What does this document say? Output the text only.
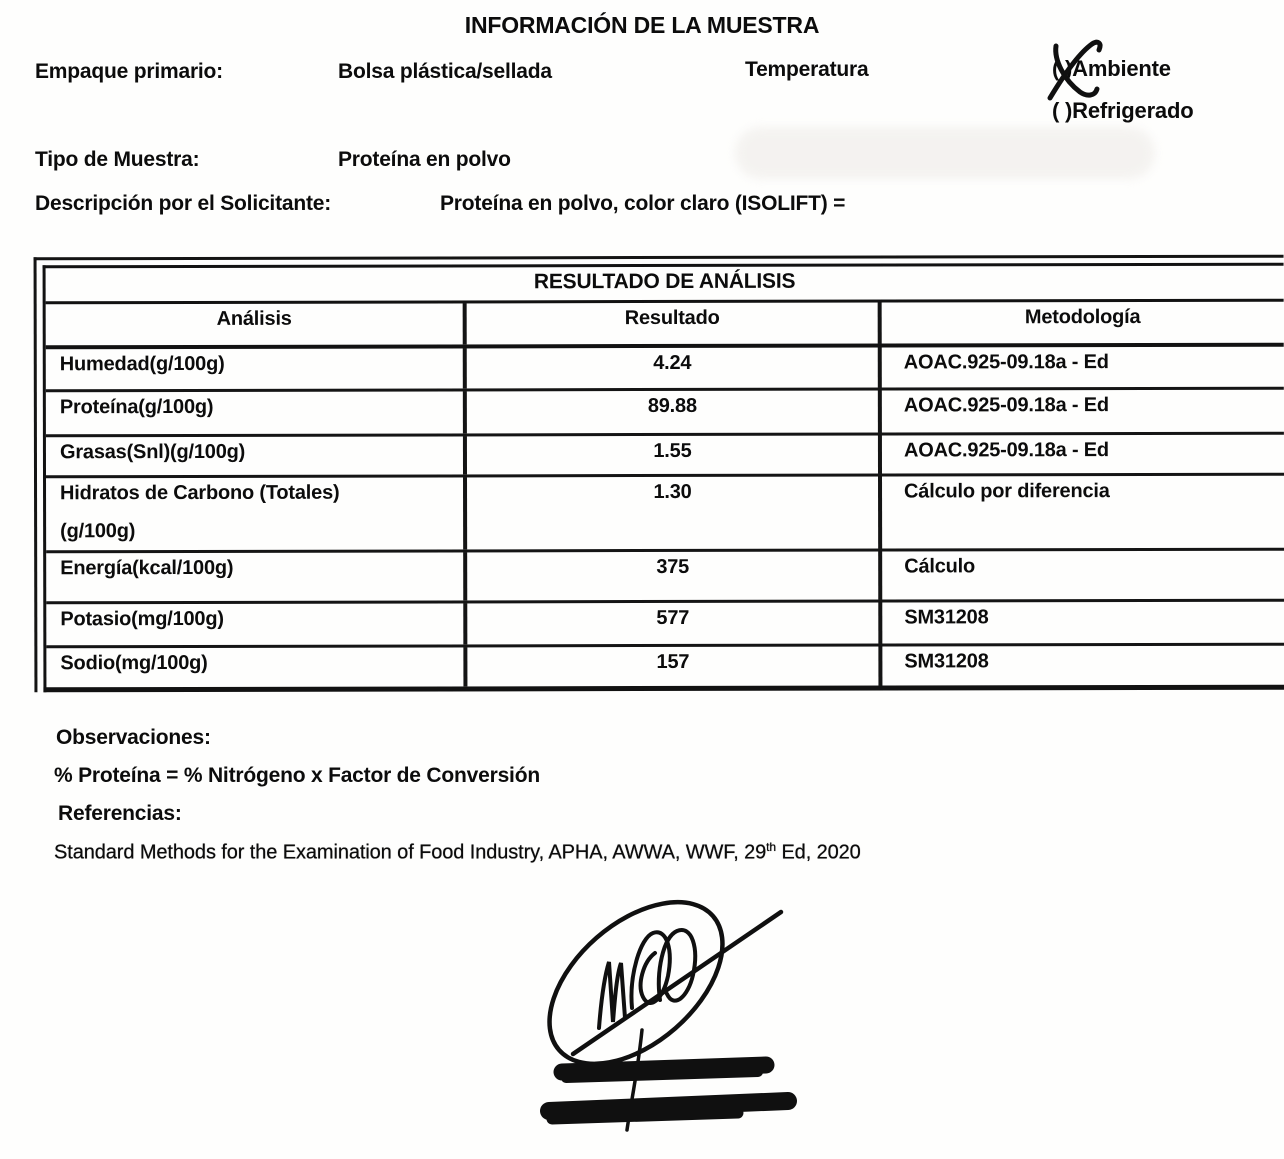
INFORMACIÓN DE LA MUESTRA
Empaque primario:	Bolsa plástica/sellada	Temperatura	( )Ambiente
( )Refrigerado
Tipo de Muestra:	Proteína en polvo
Descripción por el Solicitante:	Proteína en polvo, color claro (ISOLIFT) =
RESULTADO DE ANÁLISIS
Análisis	Resultado	Metodología
Humedad(g/100g)	4.24	AOAC.925-09.18a - Ed
Proteína(g/100g)	89.88	AOAC.925-09.18a - Ed
Grasas(Snl)(g/100g)	1.55	AOAC.925-09.18a - Ed
Hidratos de Carbono (Totales)
(g/100g)
1.30	Cálculo por diferencia
Energía(kcal/100g)	375	Cálculo
Potasio(mg/100g)	577	SM31208
Sodio(mg/100g)	157	SM31208
Observaciones:
% Proteína = % Nitrógeno x Factor de Conversión
Referencias:
Standard Methods for the Examination of Food Industry, APHA, AWWA, WWF, 29th Ed, 2020
